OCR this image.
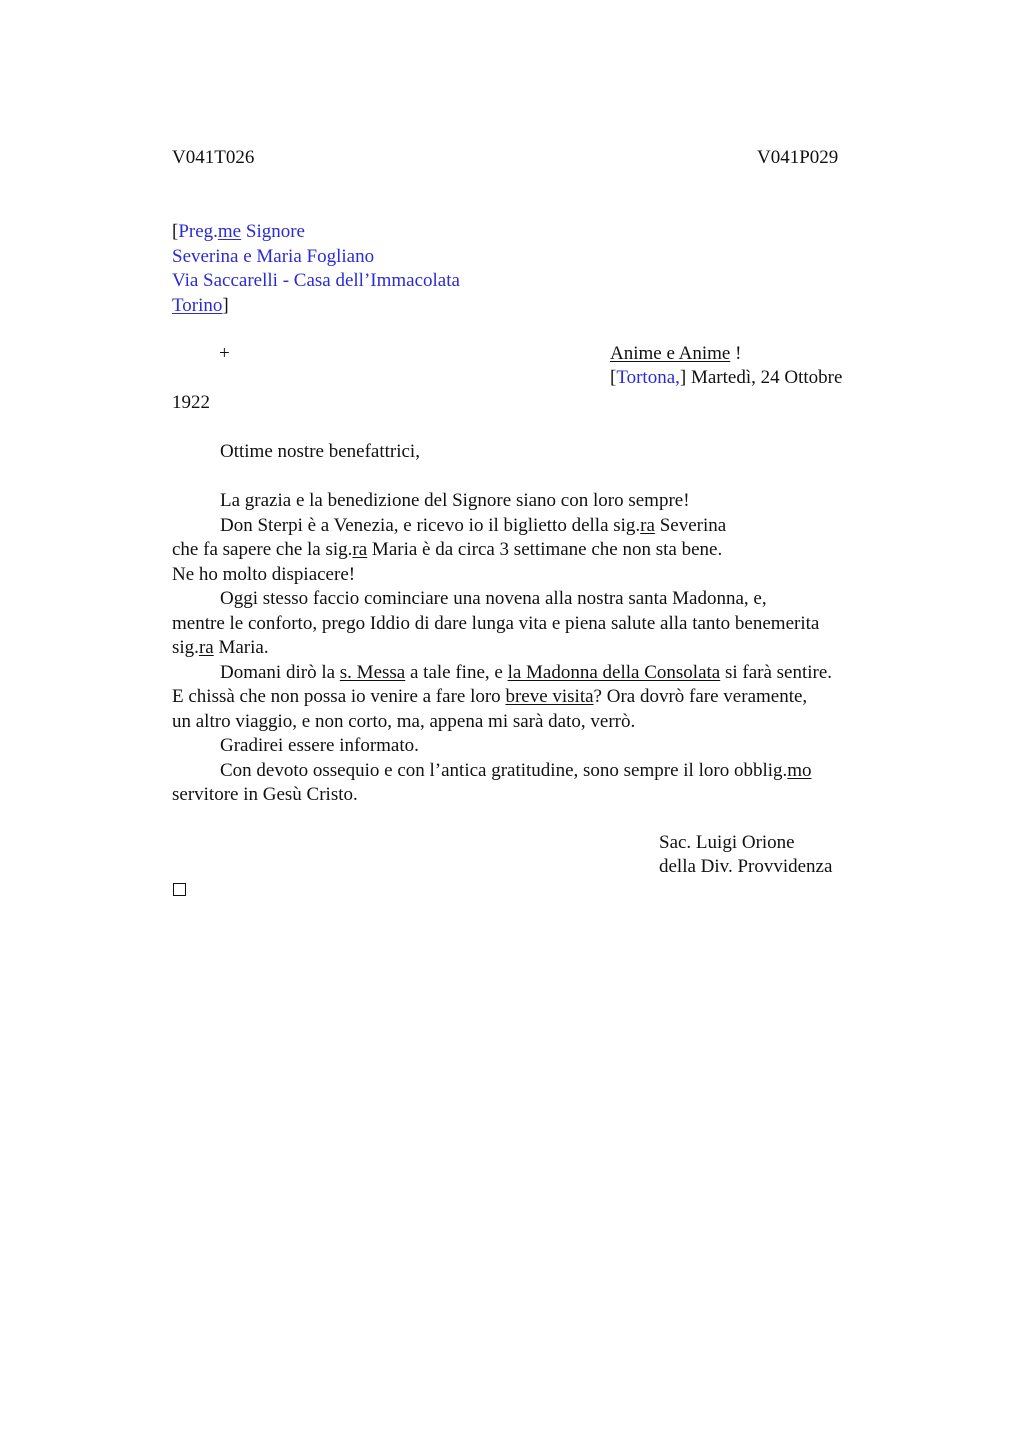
V041T026	V041P029
[Preg.me Signore
Severina e Maria Fogliano
Via Saccarelli - Casa dell’Immacolata
Torino]
+	Anime e Anime !
[Tortona,] Martedì, 24 Ottobre
1922
Ottime nostre benefattrici,
La grazia e la benedizione del Signore siano con loro sempre!
Don Sterpi è a Venezia, e ricevo io il biglietto della sig.ra Severina
che fa sapere che la sig.ra Maria è da circa 3 settimane che non sta bene.
Ne ho molto dispiacere!
Oggi stesso faccio cominciare una novena alla nostra santa Madonna, e,
mentre le conforto, prego Iddio di dare lunga vita e piena salute alla tanto benemerita
sig.ra Maria.
Domani dirò la s. Messa a tale fine, e la Madonna della Consolata si farà sentire.
E chissà che non possa io venire a fare loro breve visita? Ora dovrò fare veramente,
un altro viaggio, e non corto, ma, appena mi sarà dato, verrò.
Gradirei essere informato.
Con devoto ossequio e con l’antica gratitudine, sono sempre il loro obblig.mo
servitore in Gesù Cristo.
Sac. Luigi Orione
della Div. Provvidenza
